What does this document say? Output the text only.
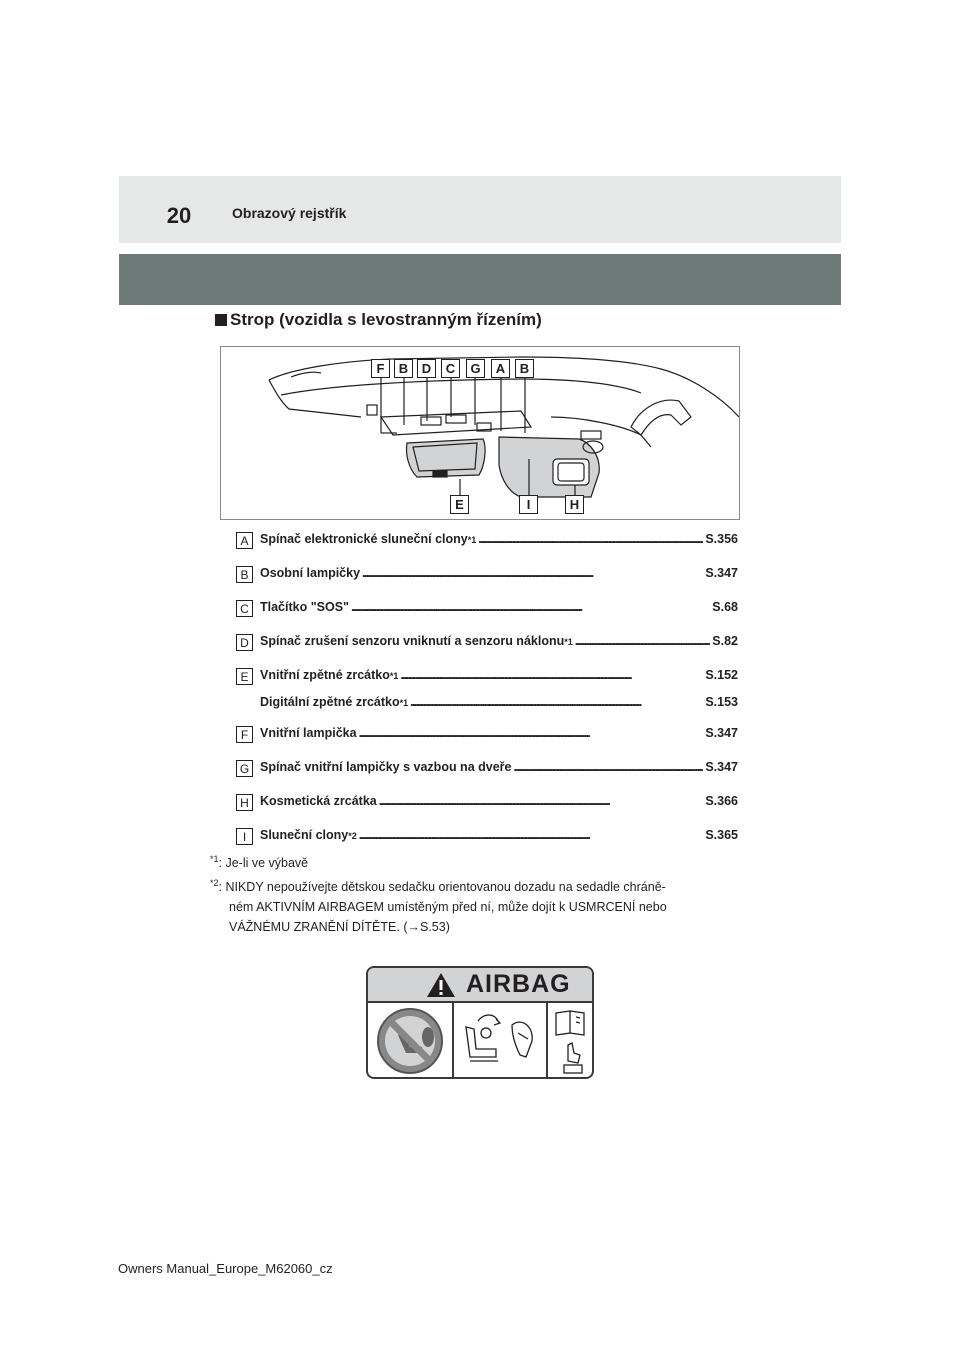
20	Obrazový rejstřík
Strop (vozidla s levostranným řízením)
F	B	D	C	G	A	B
E	I	H
A Spínač elektronické sluneční clony *1 . . .	S.356
B Osobní lampičky . . .	S.347
C Tlačítko "SOS" . . .	S.68
D Spínač zrušení senzoru vniknutí a senzoru náklonu *1 . . .	S.82
E Vnitřní zpětné zrcátko *1 . . .	S.152
Digitální zpětné zrcátko *1 . . .	S.153
F Vnitřní lampička . . .	S.347
G Spínač vnitřní lampičky s vazbou na dveře . . .	S.347
H Kosmetická zrcátka . . .	S.366
I	Sluneční clony *2 . . .	S.365
$^{*1}$: Je-li ve výbavě
$^{*2}$: NIKDY nepoužívejte dětskou sedačku orientovanou dozadu na sedadle chráně-
ném AKTIVNÍM AIRBAGEM umístěným před ní, může dojít k USMRCENÍ nebo
VÁŽNÉMU ZRANĚNÍ DÍTĚTE. (→S.53)
AIRBAG
Owners Manual_Europe_M62060_cz
